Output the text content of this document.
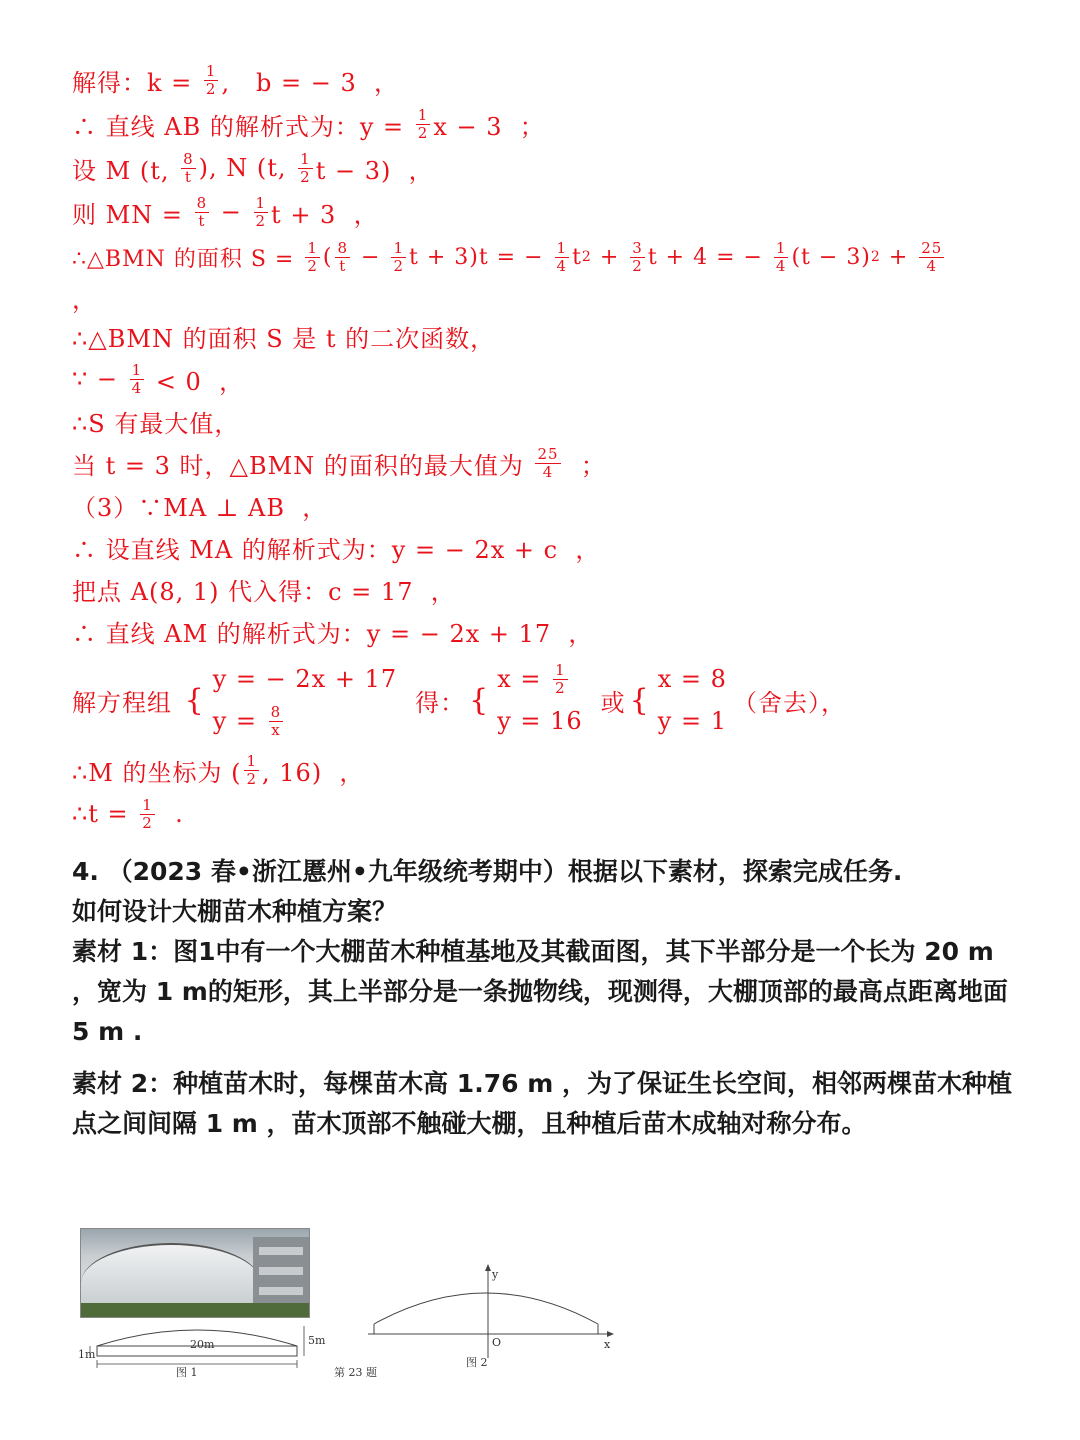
解得：$k = \frac{1}{2}$ ,   b = − 3  ，
∴ 直线 AB 的解析式为：$y = \frac{1}{2}$ x − 3  ；
设 M (t, 8
t ), N (t, 1
2 t − 3)  ，
则 MN = $\frac{8}{t} - \frac{1}{2}$ t + 3  ，
∴△BMN 的面积 $S = \frac{1}{2}$ ( 8
$t - \frac{1}{2}$ t + 3)t = − $\frac{1}{4}$ t $2 + \frac{3}{2}$ t + 4 = − $\frac{1}{4} (t - 3) 2 + \frac{25}{4}$
，
∴△BMN 的面积 S 是 t 的二次函数，
∵ − $\frac{1}{4} < 0$  ，
∴S 有最大值，
当 t = 3 时，△BMN 的面积的最大值为 25
4 ；
（3）∵MA ⊥ AB  ，
∴ 设直线 MA 的解析式为：y = − 2x + c  ，
把点 A(8, 1) 代入得：c = 17  ，
∴ 直线 AM 的解析式为：y = − 2x + 17  ，
解方程组 {
y = − 2x + 17
$y = \frac{8}{x}$
得： {
$x = \frac{1}{2}$
y = 16
或 {
x = 8
y = 1
（舍去），
∴M 的坐标为 ( 1
2 , 16)  ，
∴t = $\frac{1}{2}$ .

4. （2023 春•浙江慝州•九年级统考期中）根据以下素材，探索完成任务.

如何设计大棚苗木种植方案？

素材 1：图1中有一个大棚苗木种植基地及其截面图，其下半部分是一个长为 20 m ，宽为 1 m的矩形，其上半部分是一条抛物线，现测得，大棚顶部的最高点距离地面 5 m .

素材 2：种植苗木时，每棵苗木高 1.76 m ，为了保证生长空间，相邻两棵苗木种植点之间间隔 1 m ，苗木顶部不触碰大棚，且种植后苗木成轴对称分布。

20m	5m
1m
图 1	第 23 题
y
x
O
图 2
